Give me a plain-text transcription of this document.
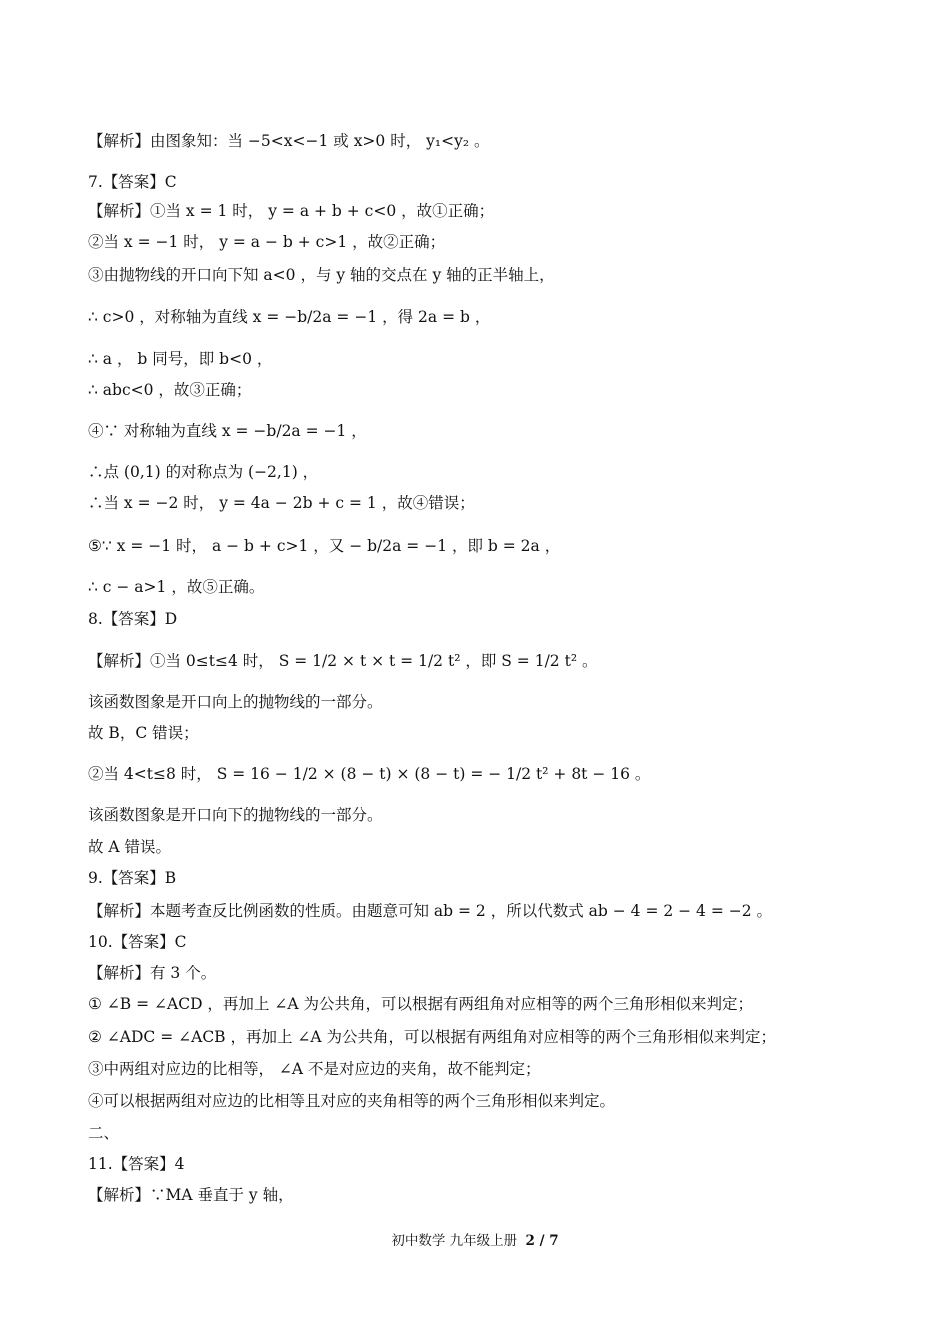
【解析】由图象知：当 −5<x<−1 或 x>0 时， y₁<y₂ 。
7.【答案】C
【解析】①当 x = 1 时， y = a + b + c<0 ，故①正确；
②当 x = −1 时， y = a − b + c>1 ，故②正确；
③由抛物线的开口向下知 a<0 ，与 y 轴的交点在 y 轴的正半轴上，
∴ c>0 ，对称轴为直线 x = −b/2a = −1 ，得 2a = b ，
∴ a ， b 同号，即 b<0 ，
∴ abc<0 ，故③正确；
④∵ 对称轴为直线 x = −b/2a = −1 ，
∴点 (0,1) 的对称点为 (−2,1) ，
∴当 x = −2 时， y = 4a − 2b + c = 1 ，故④错误；
⑤∵ x = −1 时， a − b + c>1 ，又 − b/2a = −1 ，即 b = 2a ，
∴ c − a>1 ，故⑤正确。
8.【答案】D
【解析】①当 0≤t≤4 时， S = 1/2 × t × t = 1/2 t² ，即 S = 1/2 t² 。
该函数图象是开口向上的抛物线的一部分。
故 B，C 错误；
②当 4<t≤8 时， S = 16 − 1/2 × (8 − t) × (8 − t) = − 1/2 t² + 8t − 16 。
该函数图象是开口向下的抛物线的一部分。
故 A 错误。
9.【答案】B
【解析】本题考查反比例函数的性质。由题意可知 ab = 2 ，所以代数式 ab − 4 = 2 − 4 = −2 。
10.【答案】C
【解析】有 3 个。
① ∠B = ∠ACD ，再加上 ∠A 为公共角，可以根据有两组角对应相等的两个三角形相似来判定；
② ∠ADC = ∠ACB ，再加上 ∠A 为公共角，可以根据有两组角对应相等的两个三角形相似来判定；
③中两组对应边的比相等， ∠A 不是对应边的夹角，故不能判定；
④可以根据两组对应边的比相等且对应的夹角相等的两个三角形相似来判定。
二、
11.【答案】4
【解析】∵MA 垂直于 y 轴，
初中数学 九年级上册 2 / 7
